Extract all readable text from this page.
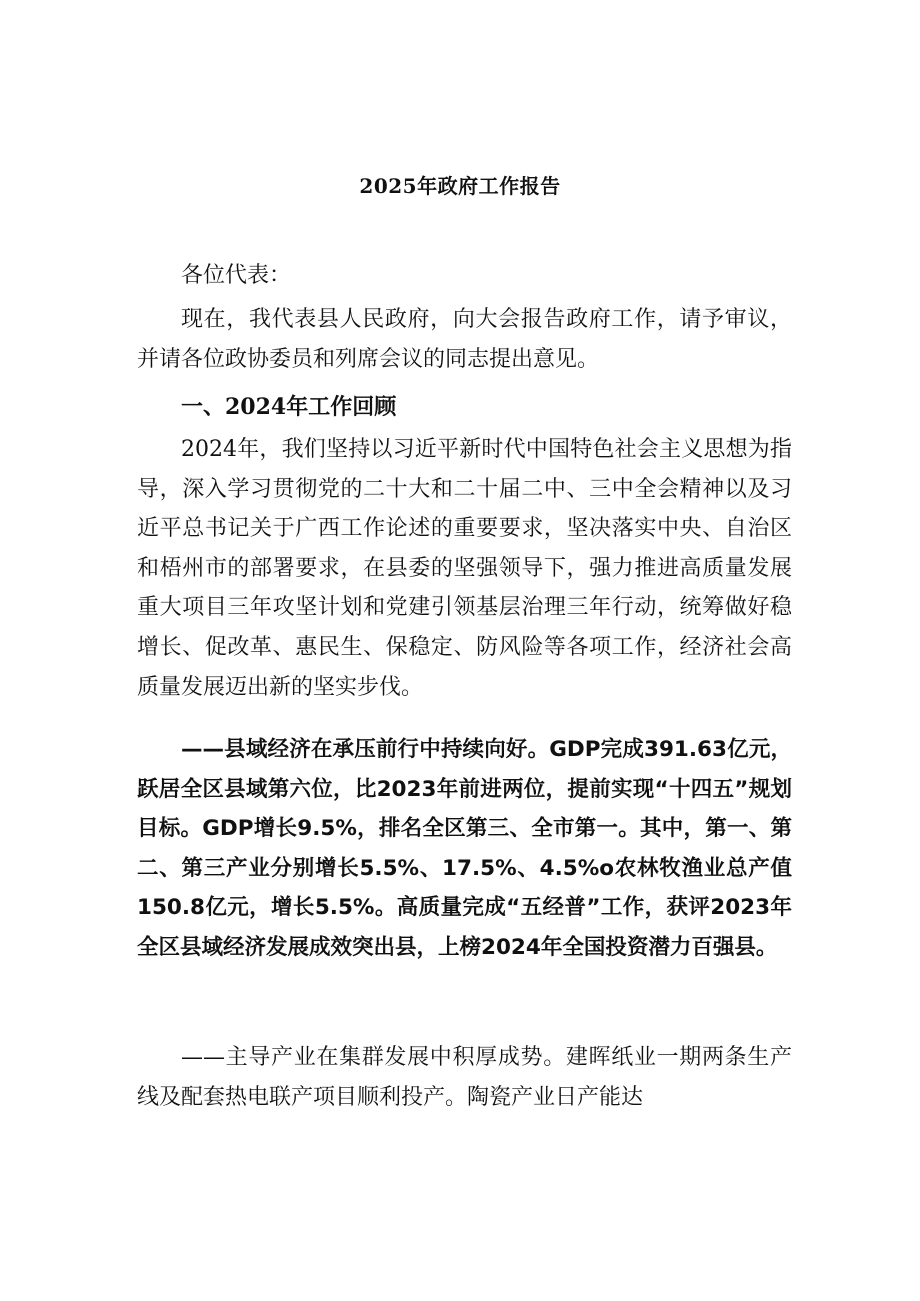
2025年政府工作报告

各位代表：

现在，我代表县人民政府，向大会报告政府工作，请予审议，并请各位政协委员和列席会议的同志提出意见。

一、2024年工作回顾

2024年，我们坚持以习近平新时代中国特色社会主义思想为指导，深入学习贯彻党的二十大和二十届二中、三中全会精神以及习近平总书记关于广西工作论述的重要要求，坚决落实中央、自治区和梧州市的部署要求，在县委的坚强领导下，强力推进高质量发展重大项目三年攻坚计划和党建引领基层治理三年行动，统筹做好稳增长、促改革、惠民生、保稳定、防风险等各项工作，经济社会高质量发展迈出新的坚实步伐。

——县域经济在承压前行中持续向好。GDP完成391.63亿元，跃居全区县域第六位，比2023年前进两位，提前实现“十四五”规划目标。GDP增长9.5%，排名全区第三、全市第一。其中，第一、第二、第三产业分别增长5.5%、17.5%、4.5%o农林牧渔业总产值150.8亿元，增长5.5%。高质量完成“五经普”工作，获评2023年全区县域经济发展成效突出县，上榜2024年全国投资潜力百强县。

——主导产业在集群发展中积厚成势。建晖纸业一期两条生产线及配套热电联产项目顺利投产。陶瓷产业日产能达
